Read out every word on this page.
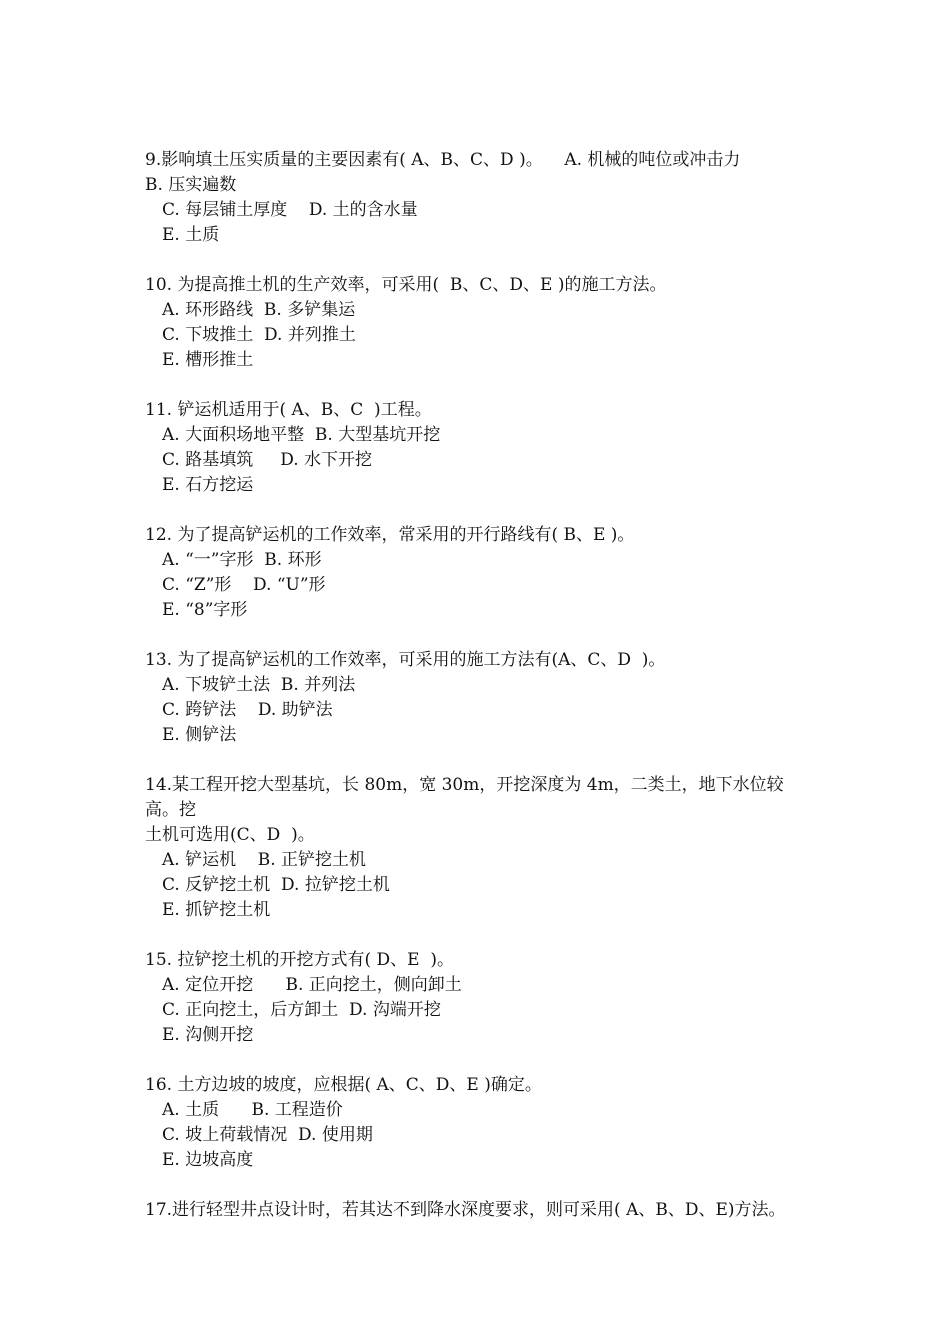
9.影响填土压实质量的主要因素有( A、B、C、D )。    A. 机械的吨位或冲击力
B. 压实遍数
C. 每层铺土厚度    D. 土的含水量
E. 土质
10. 为提高推土机的生产效率，可采用(  B、C、D、E )的施工方法。
A. 环形路线  B. 多铲集运
C. 下坡推土  D. 并列推土
E. 槽形推土
11. 铲运机适用于( A、B、C  )工程。
A. 大面积场地平整  B. 大型基坑开挖
C. 路基填筑     D. 水下开挖
E. 石方挖运
12. 为了提高铲运机的工作效率，常采用的开行路线有( B、E )。
A. “一”字形  B. 环形
C. “Z”形    D. “U”形
E. “8”字形
13. 为了提高铲运机的工作效率，可采用的施工方法有(A、C、D  )。
A. 下坡铲土法  B. 并列法
C. 跨铲法    D. 助铲法
E. 侧铲法
14.某工程开挖大型基坑，长 80m，宽 30m，开挖深度为 4m，二类土，地下水位较
高。挖
土机可选用(C、D  )。
A. 铲运机    B. 正铲挖土机
C. 反铲挖土机  D. 拉铲挖土机
E. 抓铲挖土机
15. 拉铲挖土机的开挖方式有( D、E  )。
A. 定位开挖      B. 正向挖土，侧向卸土
C. 正向挖土，后方卸土  D. 沟端开挖
E. 沟侧开挖
16. 土方边坡的坡度，应根据( A、C、D、E )确定。
A. 土质      B. 工程造价
C. 坡上荷载情况  D. 使用期
E. 边坡高度
17.进行轻型井点设计时，若其达不到降水深度要求，则可采用( A、B、D、E)方法。
